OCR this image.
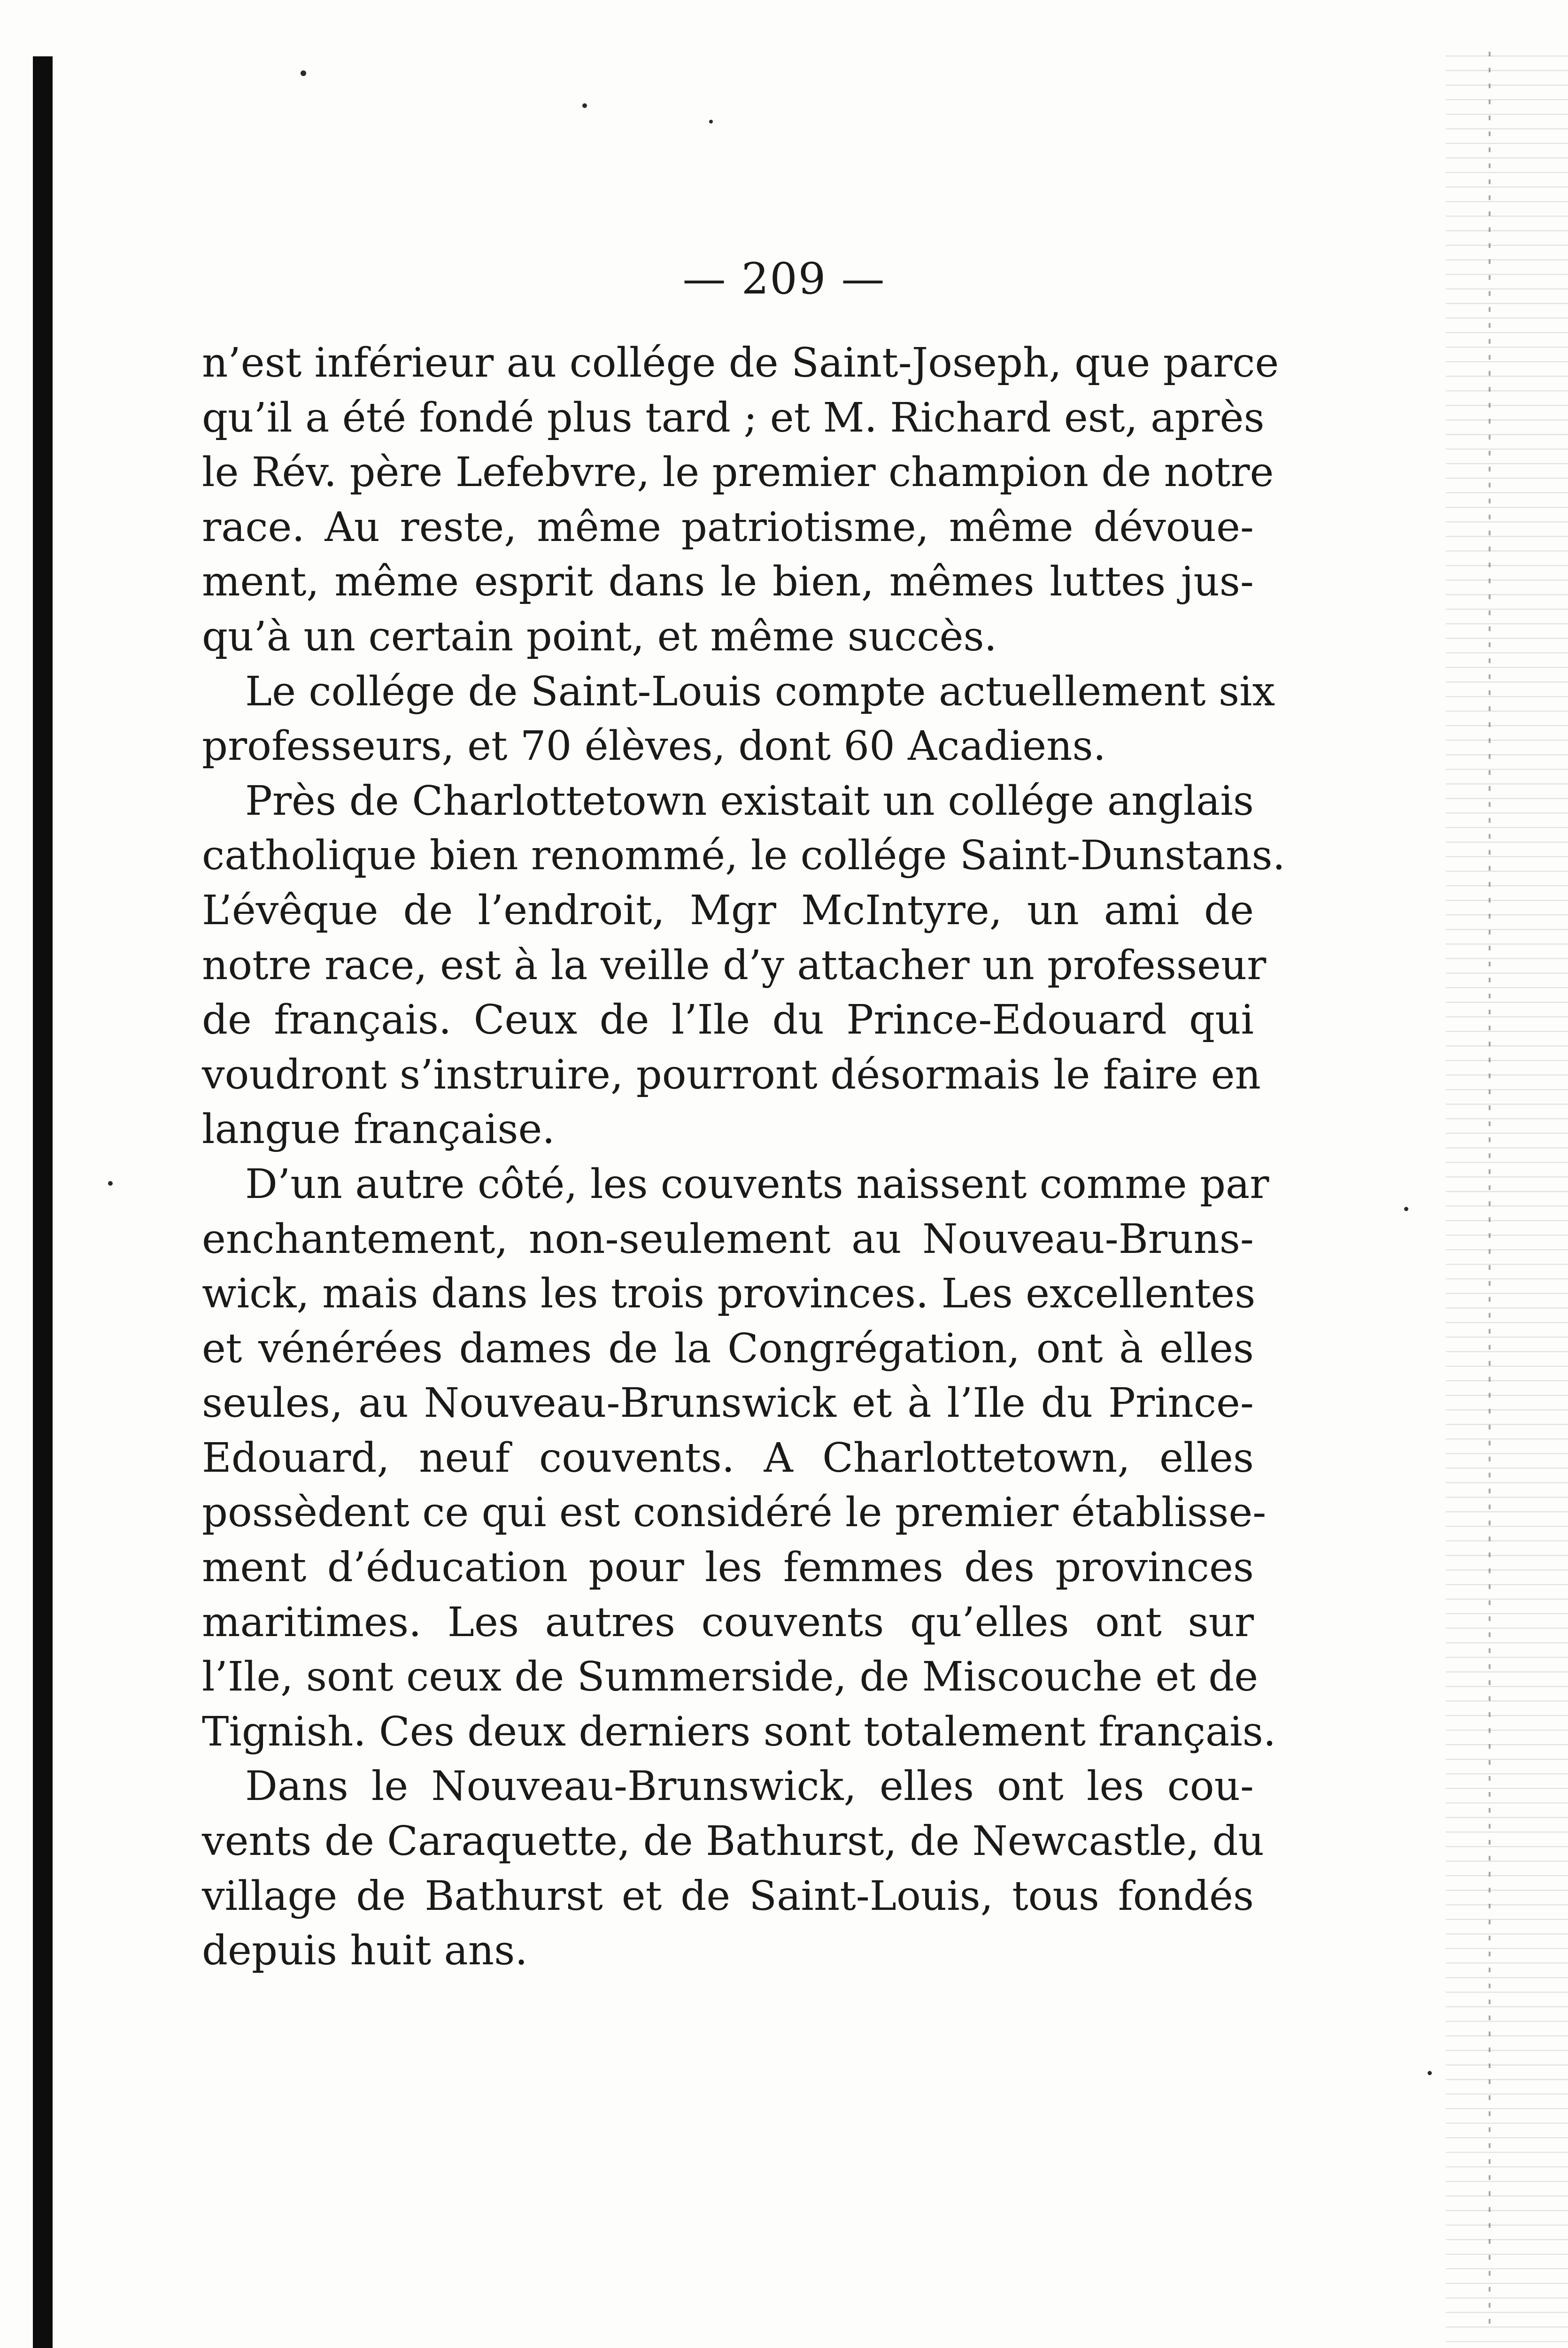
— 209 —
n’est inférieur au collége de Saint-Joseph, que parce
qu’il a été fondé plus tard ; et M. Richard est, après
le Rév. père Lefebvre, le premier champion de notre
race. Au reste, même patriotisme, même dévoue-
ment, même esprit dans le bien, mêmes luttes jus-
qu’à un certain point, et même succès.
Le collége de Saint-Louis compte actuellement six
professeurs, et 70 élèves, dont 60 Acadiens.
Près de Charlottetown existait un collége anglais
catholique bien renommé, le collége Saint-Dunstans.
L’évêque de l’endroit, Mgr McIntyre, un ami de
notre race, est à la veille d’y attacher un professeur
de français. Ceux de l’Ile du Prince-Edouard qui
voudront s’instruire, pourront désormais le faire en
langue française.
D’un autre côté, les couvents naissent comme par
enchantement, non-seulement au Nouveau-Bruns-
wick, mais dans les trois provinces. Les excellentes
et vénérées dames de la Congrégation, ont à elles
seules, au Nouveau-Brunswick et à l’Ile du Prince-
Edouard, neuf couvents. A Charlottetown, elles
possèdent ce qui est considéré le premier établisse-
ment d’éducation pour les femmes des provinces
maritimes. Les autres couvents qu’elles ont sur
l’Ile, sont ceux de Summerside, de Miscouche et de
Tignish. Ces deux derniers sont totalement français.
Dans le Nouveau-Brunswick, elles ont les cou-
vents de Caraquette, de Bathurst, de Newcastle, du
village de Bathurst et de Saint-Louis, tous fondés
depuis huit ans.
